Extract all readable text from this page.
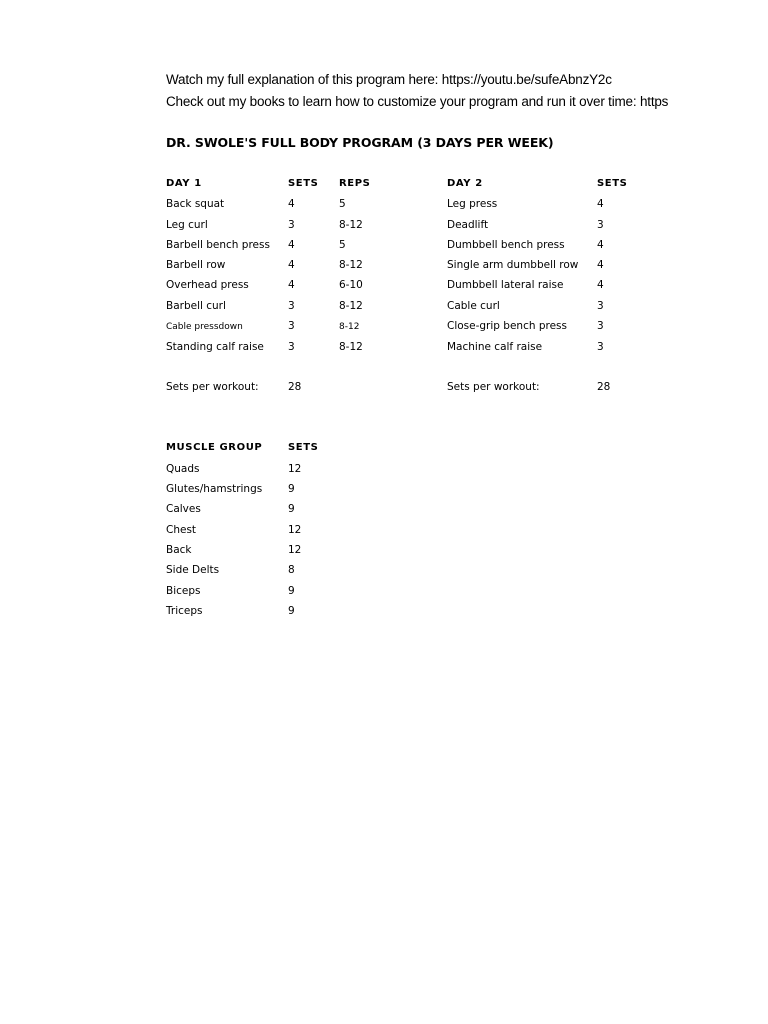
Watch my full explanation of this program here: https://youtu.be/sufeAbnzY2c
Check out my books to learn how to customize your program and run it over time: https
DR. SWOLE'S FULL BODY PROGRAM (3 DAYS PER WEEK)
DAY 1	SETS REPS
Back squat	4	5
Leg curl	3	8-12
Barbell bench press 4	5
Barbell row	4	8-12
Overhead press	4	6-10
Barbell curl	3	8-12
Cable pressdown	3	8-12
Standing calf raise 3	8-12
Sets per workout:	28
DAY 2	SETS
Leg press	4
Deadlift	3
Dumbbell bench press	4
Single arm dumbbell row 4
Dumbbell lateral raise	4
Cable curl	3
Close-grip bench press	3
Machine calf raise	3
Sets per workout:	28
MUSCLE GROUP	SETS
Quads	12
Glutes/hamstrings 9
Calves	9
Chest	12
Back	12
Side Delts	8
Biceps	9
Triceps	9
